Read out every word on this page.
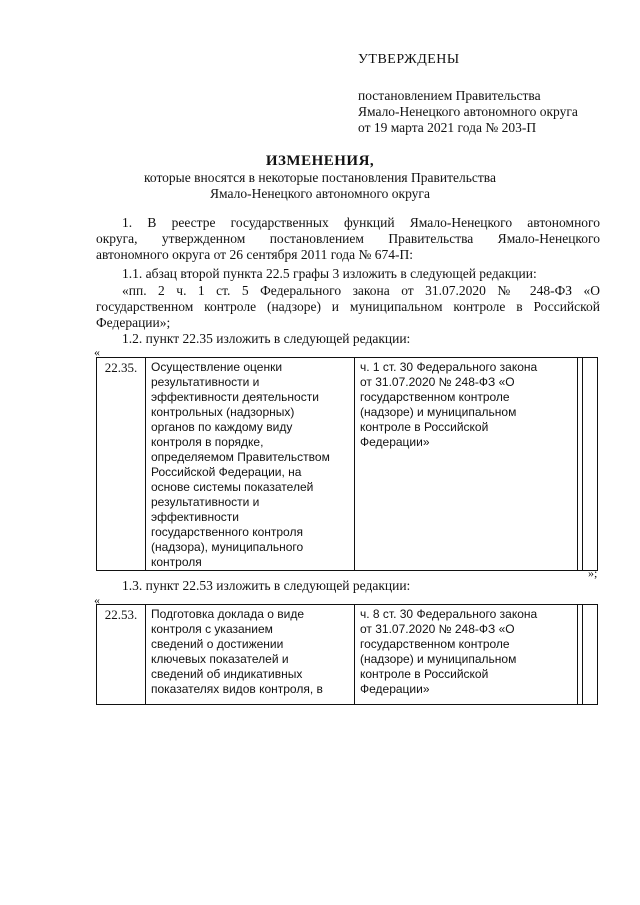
УТВЕРЖДЕНЫ
постановлением Правительства
Ямало-Ненецкого автономного округа
от 19 марта 2021 года № 203-П
ИЗМЕНЕНИЯ,
которые вносятся в некоторые постановления Правительства
Ямало-Ненецкого автономного округа
1. В реестре государственных функций Ямало-Ненецкого автономного
округа, утвержденном постановлением Правительства Ямало-Ненецкого
автономного округа от 26 сентября 2011 года № 674-П:
1.1. абзац второй пункта 22.5 графы 3 изложить в следующей редакции:
«пп. 2 ч. 1 ст. 5 Федерального закона от 31.07.2020 № 248-ФЗ «О
государственном контроле (надзоре) и муниципальном контроле в Российской
Федерации»;
1.2. пункт 22.35 изложить в следующей редакции:
«
22.35.	Осуществление оценки
результативности и
эффективности деятельности
контрольных (надзорных)
органов по каждому виду
контроля в порядке,
определяемом Правительством
Российской Федерации, на
основе системы показателей
результативности и
эффективности
государственного контроля
(надзора), муниципального
контроля

ч. 1 ст. 30 Федерального закона
от 31.07.2020 № 248-ФЗ «О
государственном контроле
(надзоре) и муниципальном
контроле в Российской
Федерации»

»;
1.3. пункт 22.53 изложить в следующей редакции:
«
22.53.	Подготовка доклада о виде
контроля с указанием
сведений о достижении
ключевых показателей и
сведений об индикативных
показателях видов контроля, в

ч. 8 ст. 30 Федерального закона
от 31.07.2020 № 248-ФЗ «О
государственном контроле
(надзоре) и муниципальном
контроле в Российской
Федерации»
